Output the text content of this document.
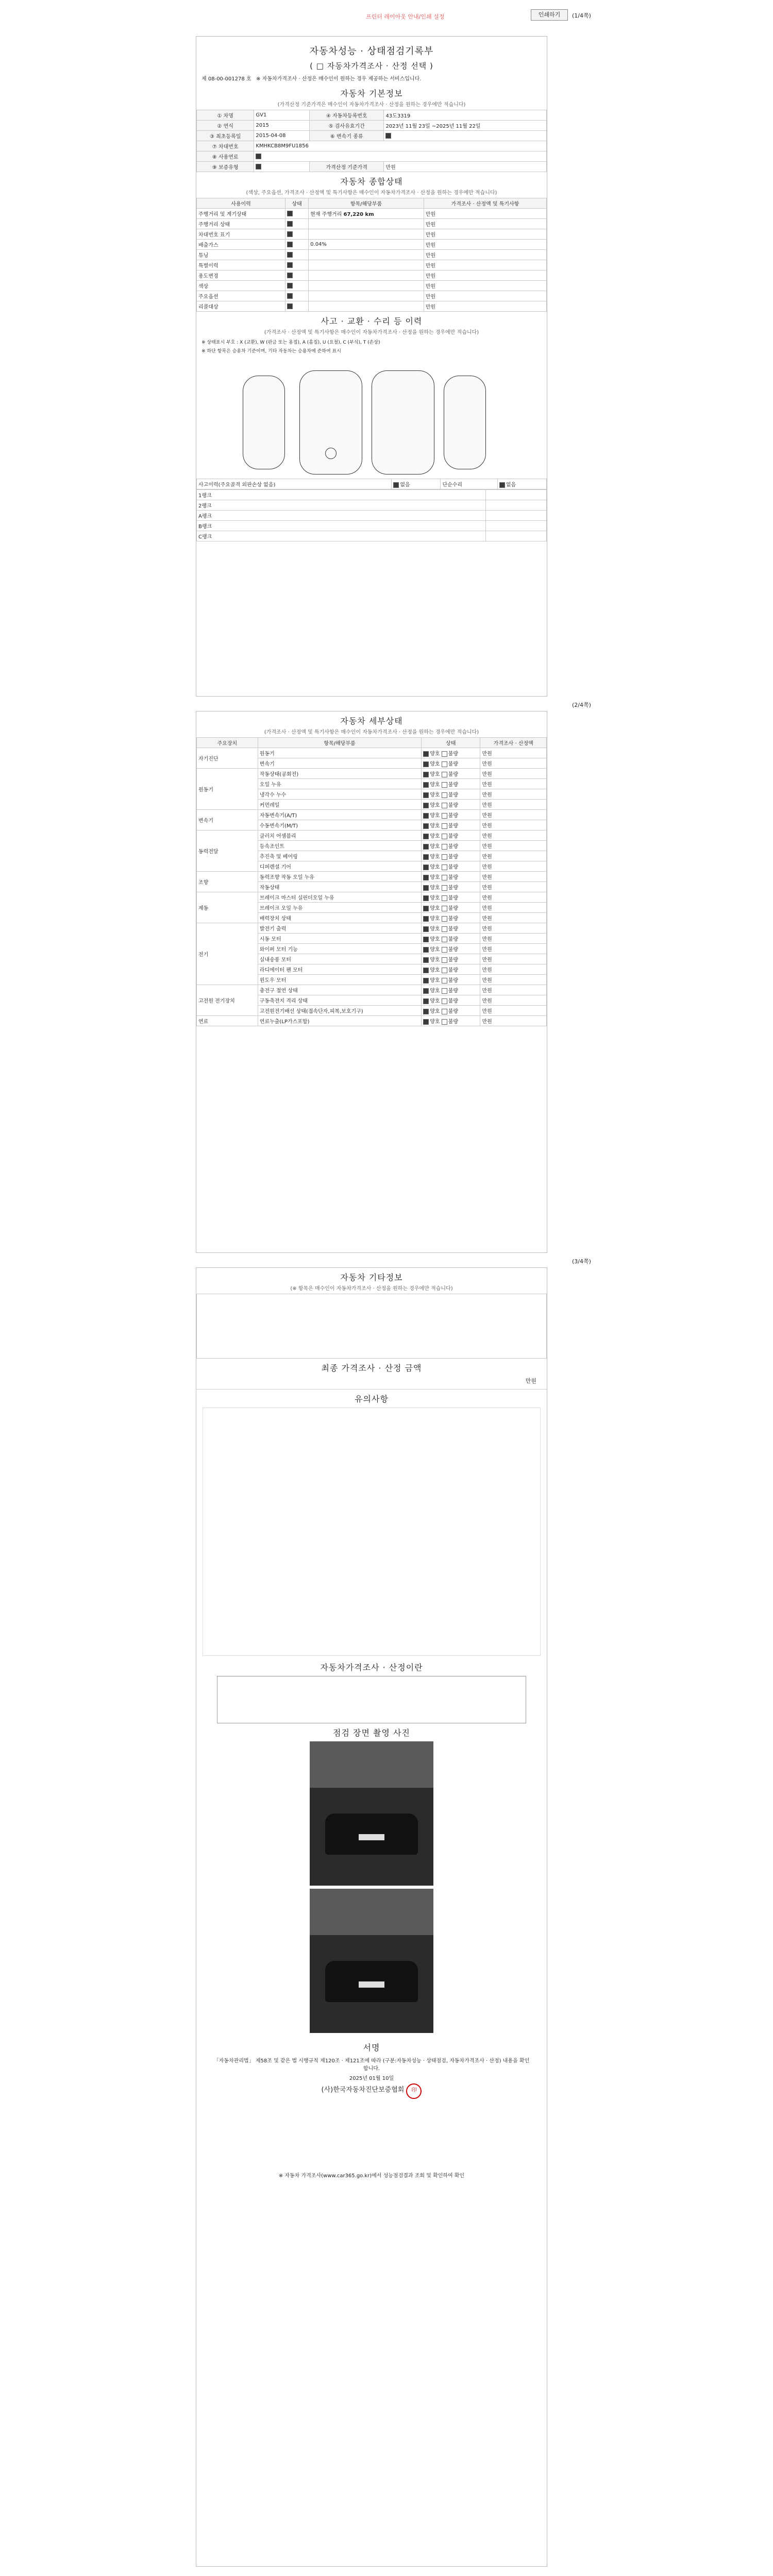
프린터 레이아웃 안내/인쇄 설정	인쇄하기	(1/4쪽)
자동차성능 · 상태점검기록부
( □ 자동차가격조사 · 산정 선택 )
제 08-00-001278 호 ※ 자동차가격조사 · 산정은 매수인이 원하는 경우 제공하는 서비스입니다.
자동차 기본정보
(가격산정 기준가격은 매수인이 자동차가격조사 · 산정을 원하는 경우에만 적습니다)
① 차명	GV1	④ 자동차등록번호	43도3319
② 연식	2015	⑤ 검사유효기간	2023년 11월 23일 ~2025년 11월 22일
③ 최초등록일	2015-04-08	⑥ 변속기 종류	
⑦ 차대번호	KMHKCB8M9FU1856		
⑧ 사용연료			
⑨ 보증유형		가격산정 기준가격	만원
자동차 종합상태
(색상, 주요옵션, 가격조사 · 산정액 및 특기사항은 매수인이 자동차가격조사 · 산정을 원하는 경우에만 적습니다)
사용이력	상태	항목/해당부품	가격조사 · 산정액 및 특기사항
주행거리 및 계기상태		현재 주행거리 67,220 km	만원
주행거리 상태			만원
차대번호 표기			만원
배출가스		0.04%	만원
튜닝			만원
특별이력			만원
용도변경			만원
색상			만원
주요옵션			만원
리콜대상			만원
사고 · 교환 · 수리 등 이력
(가격조사 · 산정액 및 특기사항은 매수인이 자동차가격조사 · 산정을 원하는 경우에만 적습니다)
※ 상태표시 부호 : X (교환), W (판금 또는 용접), A (흠집), U (요철), C (부식), T (손상)
※ 하단 항목은 승용차 기준이며, 기타 자동차는 승용차에 준하여 표시
사고이력(주요골격 외판손상 없음)	없음	단순수리	없음
1랭크	
2랭크	
A랭크	
B랭크	
C랭크	
(2/4쪽)
자동차 세부상태
(가격조사 · 산정액 및 특기사항은 매수인이 자동차가격조사 · 산정을 원하는 경우에만 적습니다)
주요장치	항목/해당부품	상태	가격조사 · 산정액
자기진단	원동기	양호 불량	만원
	변속기	양호 불량	만원
원동기	작동상태(공회전)	양호 불량	만원
	오일 누유	양호 불량	만원
	냉각수 누수	양호 불량	만원
	커먼레일	양호 불량	만원
변속기	자동변속기(A/T)	양호 불량	만원
	수동변속기(M/T)	양호 불량	만원
동력전달	클러치 어셈블리	양호 불량	만원
	등속조인트	양호 불량	만원
	추진축 및 베어링	양호 불량	만원
	디퍼렌셜 기어	양호 불량	만원
조향	동력조향 작동 오일 누유	양호 불량	만원
	작동상태	양호 불량	만원
제동	브레이크 마스터 실린더오일 누유	양호 불량	만원
	브레이크 오일 누유	양호 불량	만원
	배력장치 상태	양호 불량	만원
전기	발전기 출력	양호 불량	만원
	시동 모터	양호 불량	만원
	와이퍼 모터 기능	양호 불량	만원
	실내송풍 모터	양호 불량	만원
	라디에이터 팬 모터	양호 불량	만원
	윈도우 모터	양호 불량	만원
고전원 전기장치	충전구 절연 상태	양호 불량	만원
	구동축전지 격리 상태	양호 불량	만원
	고전원전기배선 상태(접속단자,피복,보호기구)	양호 불량	만원
연료	연료누출(LP가스포함)	양호 불량	만원
(3/4쪽)
자동차 기타정보
(※ 항목은 매수인이 자동차가격조사 · 산정을 원하는 경우에만 적습니다)
최종 가격조사 · 산정 금액
만원
유의사항
자동차가격조사 · 산정이란
점검 장면 촬영 사진
서명
「자동차관리법」 제58조 및 같은 법 시행규칙 제120조 · 제121조에 따라 (구분:자동차성능 · 상태점검, 자동차가격조사 · 산정) 내용을 확인합니다.
2025년 01월 10일
(사)한국자동차진단보증협회 印
※ 자동차 가격조사(www.car365.go.kr)에서 성능점검결과 조회 및 확인하여 확인
